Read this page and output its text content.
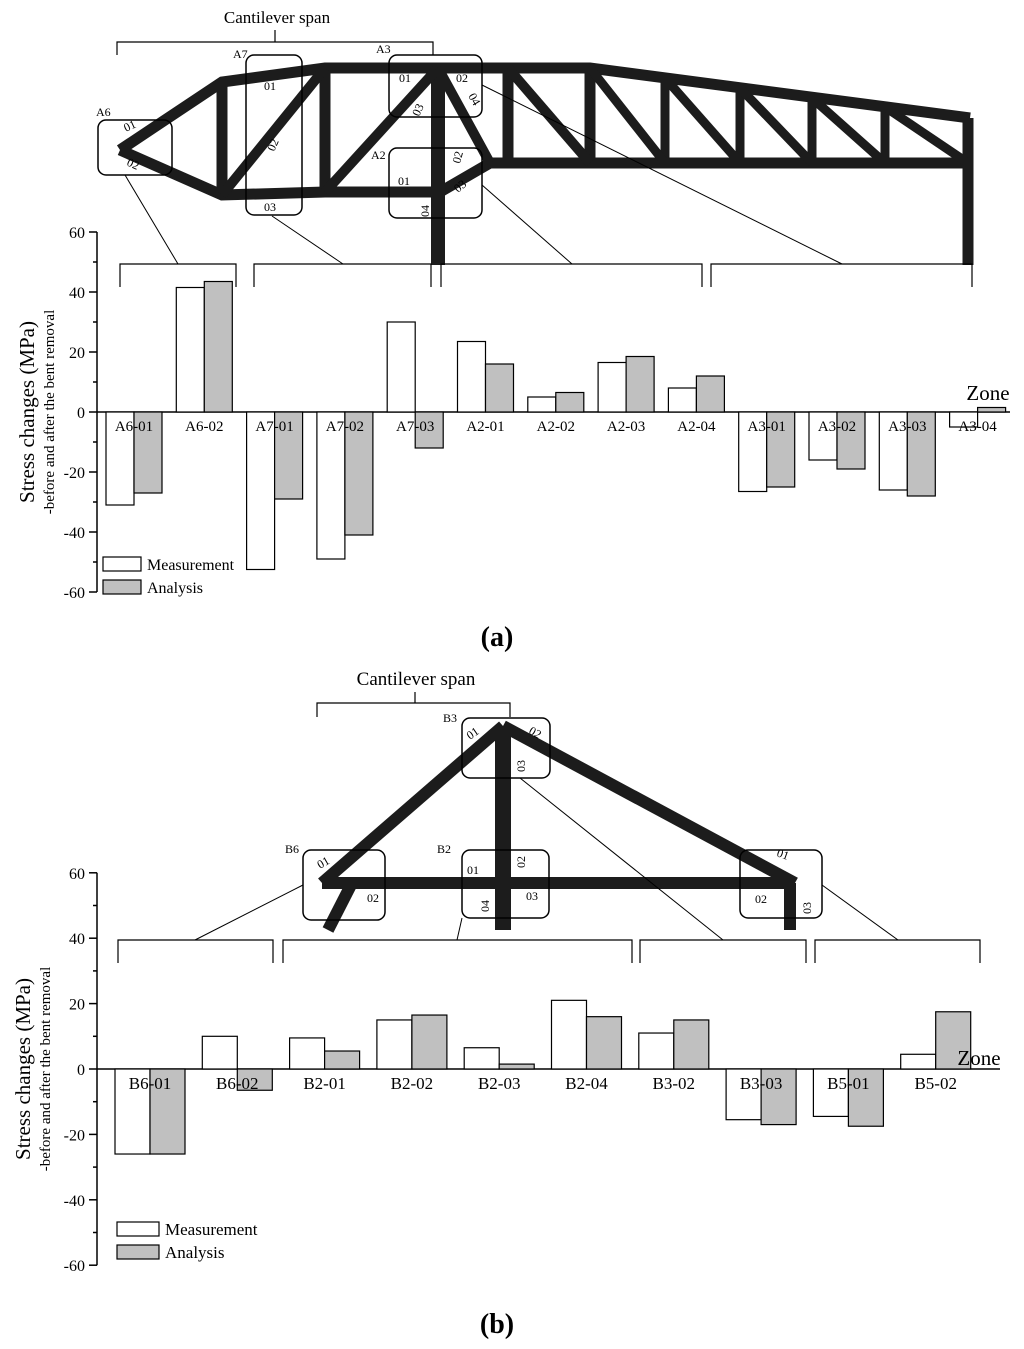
Cantilever span
A6
01
02
A7
01
02
03
A3
01	02
03
04
A2
01
02
03
04
-60
-40
-20
0
20
40
60
A6-01 A6-02 A7-01 A7-02 A7-03 A2-01 A2-02 A2-03 A2-04 A3-01 A3-02 A3-03 A3-04
Zone
Stress changes (MPa) -before and after the bent removal
Measurement
Analysis
(a)
Cantilever span
B3
01	02
03
B6
01
02
B2
01
02
03
04
01
02
03
-60
-40
-20
0
20
40
60
B6-01	B6-02	B2-01	B2-02	B2-03	B2-04	B3-02	B3-03	B5-01	B5-02
Zone
Stress changes (MPa) -before and after the bent removal
Measurement
Analysis
(b)
